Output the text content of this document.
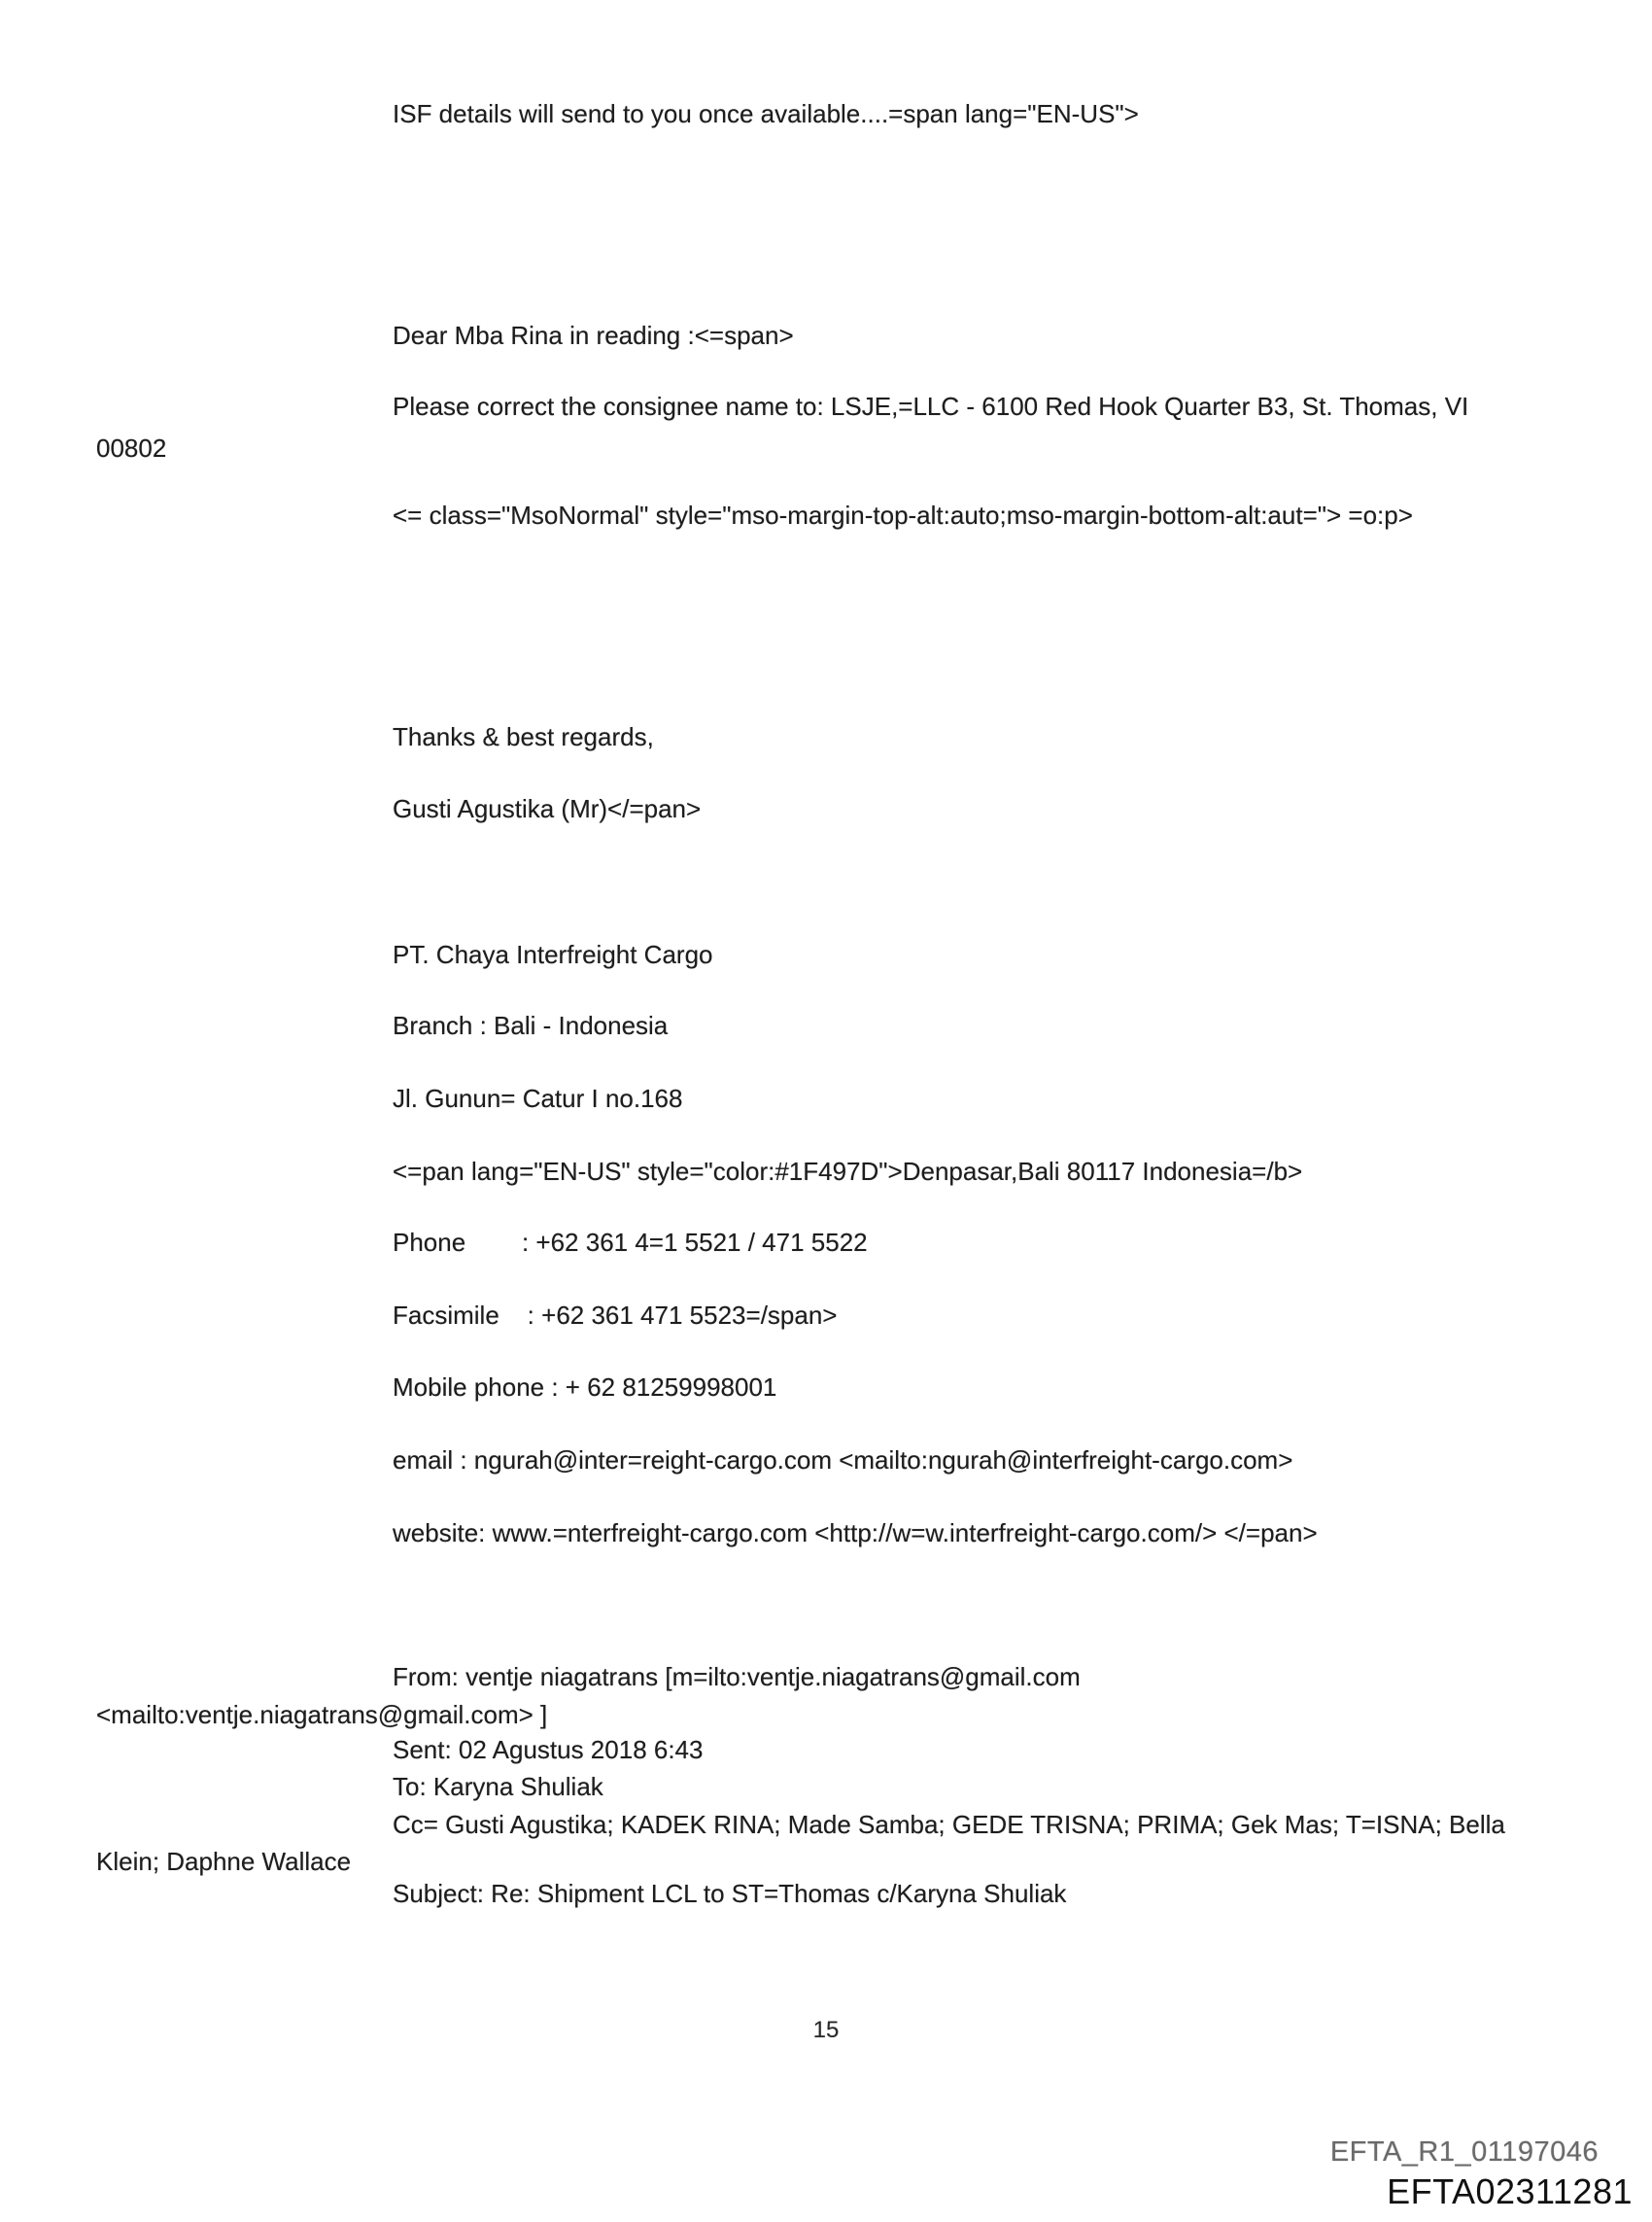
ISF details will send to you once available....=span lang="EN-US">
Dear Mba Rina in reading :<=span>
Please correct the consignee name to: LSJE,=LLC - 6100 Red Hook Quarter B3, St. Thomas, VI
00802
<= class="MsoNormal" style="mso-margin-top-alt:auto;mso-margin-bottom-alt:aut="> =o:p>
Thanks & best regards,
Gusti Agustika (Mr)</=pan>
PT. Chaya Interfreight Cargo
Branch : Bali - Indonesia
Jl. Gunun= Catur I no.168
<=pan lang="EN-US" style="color:#1F497D">Denpasar,Bali 80117 Indonesia=/b>
Phone        : +62 361 4=1 5521 / 471 5522
Facsimile    : +62 361 471 5523=/span>
Mobile phone : + 62 81259998001
email : ngurah@inter=reight-cargo.com <mailto:ngurah@interfreight-cargo.com>
website: www.=nterfreight-cargo.com <http://w=w.interfreight-cargo.com/> </=pan>
From: ventje niagatrans [m=ilto:ventje.niagatrans@gmail.com
<mailto:ventje.niagatrans@gmail.com> ]
Sent: 02 Agustus 2018 6:43
To: Karyna Shuliak
Cc= Gusti Agustika; KADEK RINA; Made Samba; GEDE TRISNA; PRIMA; Gek Mas; T=ISNA; Bella
Klein; Daphne Wallace
Subject: Re: Shipment LCL to ST=Thomas c/Karyna Shuliak
15
EFTA_R1_01197046
EFTA02311281
